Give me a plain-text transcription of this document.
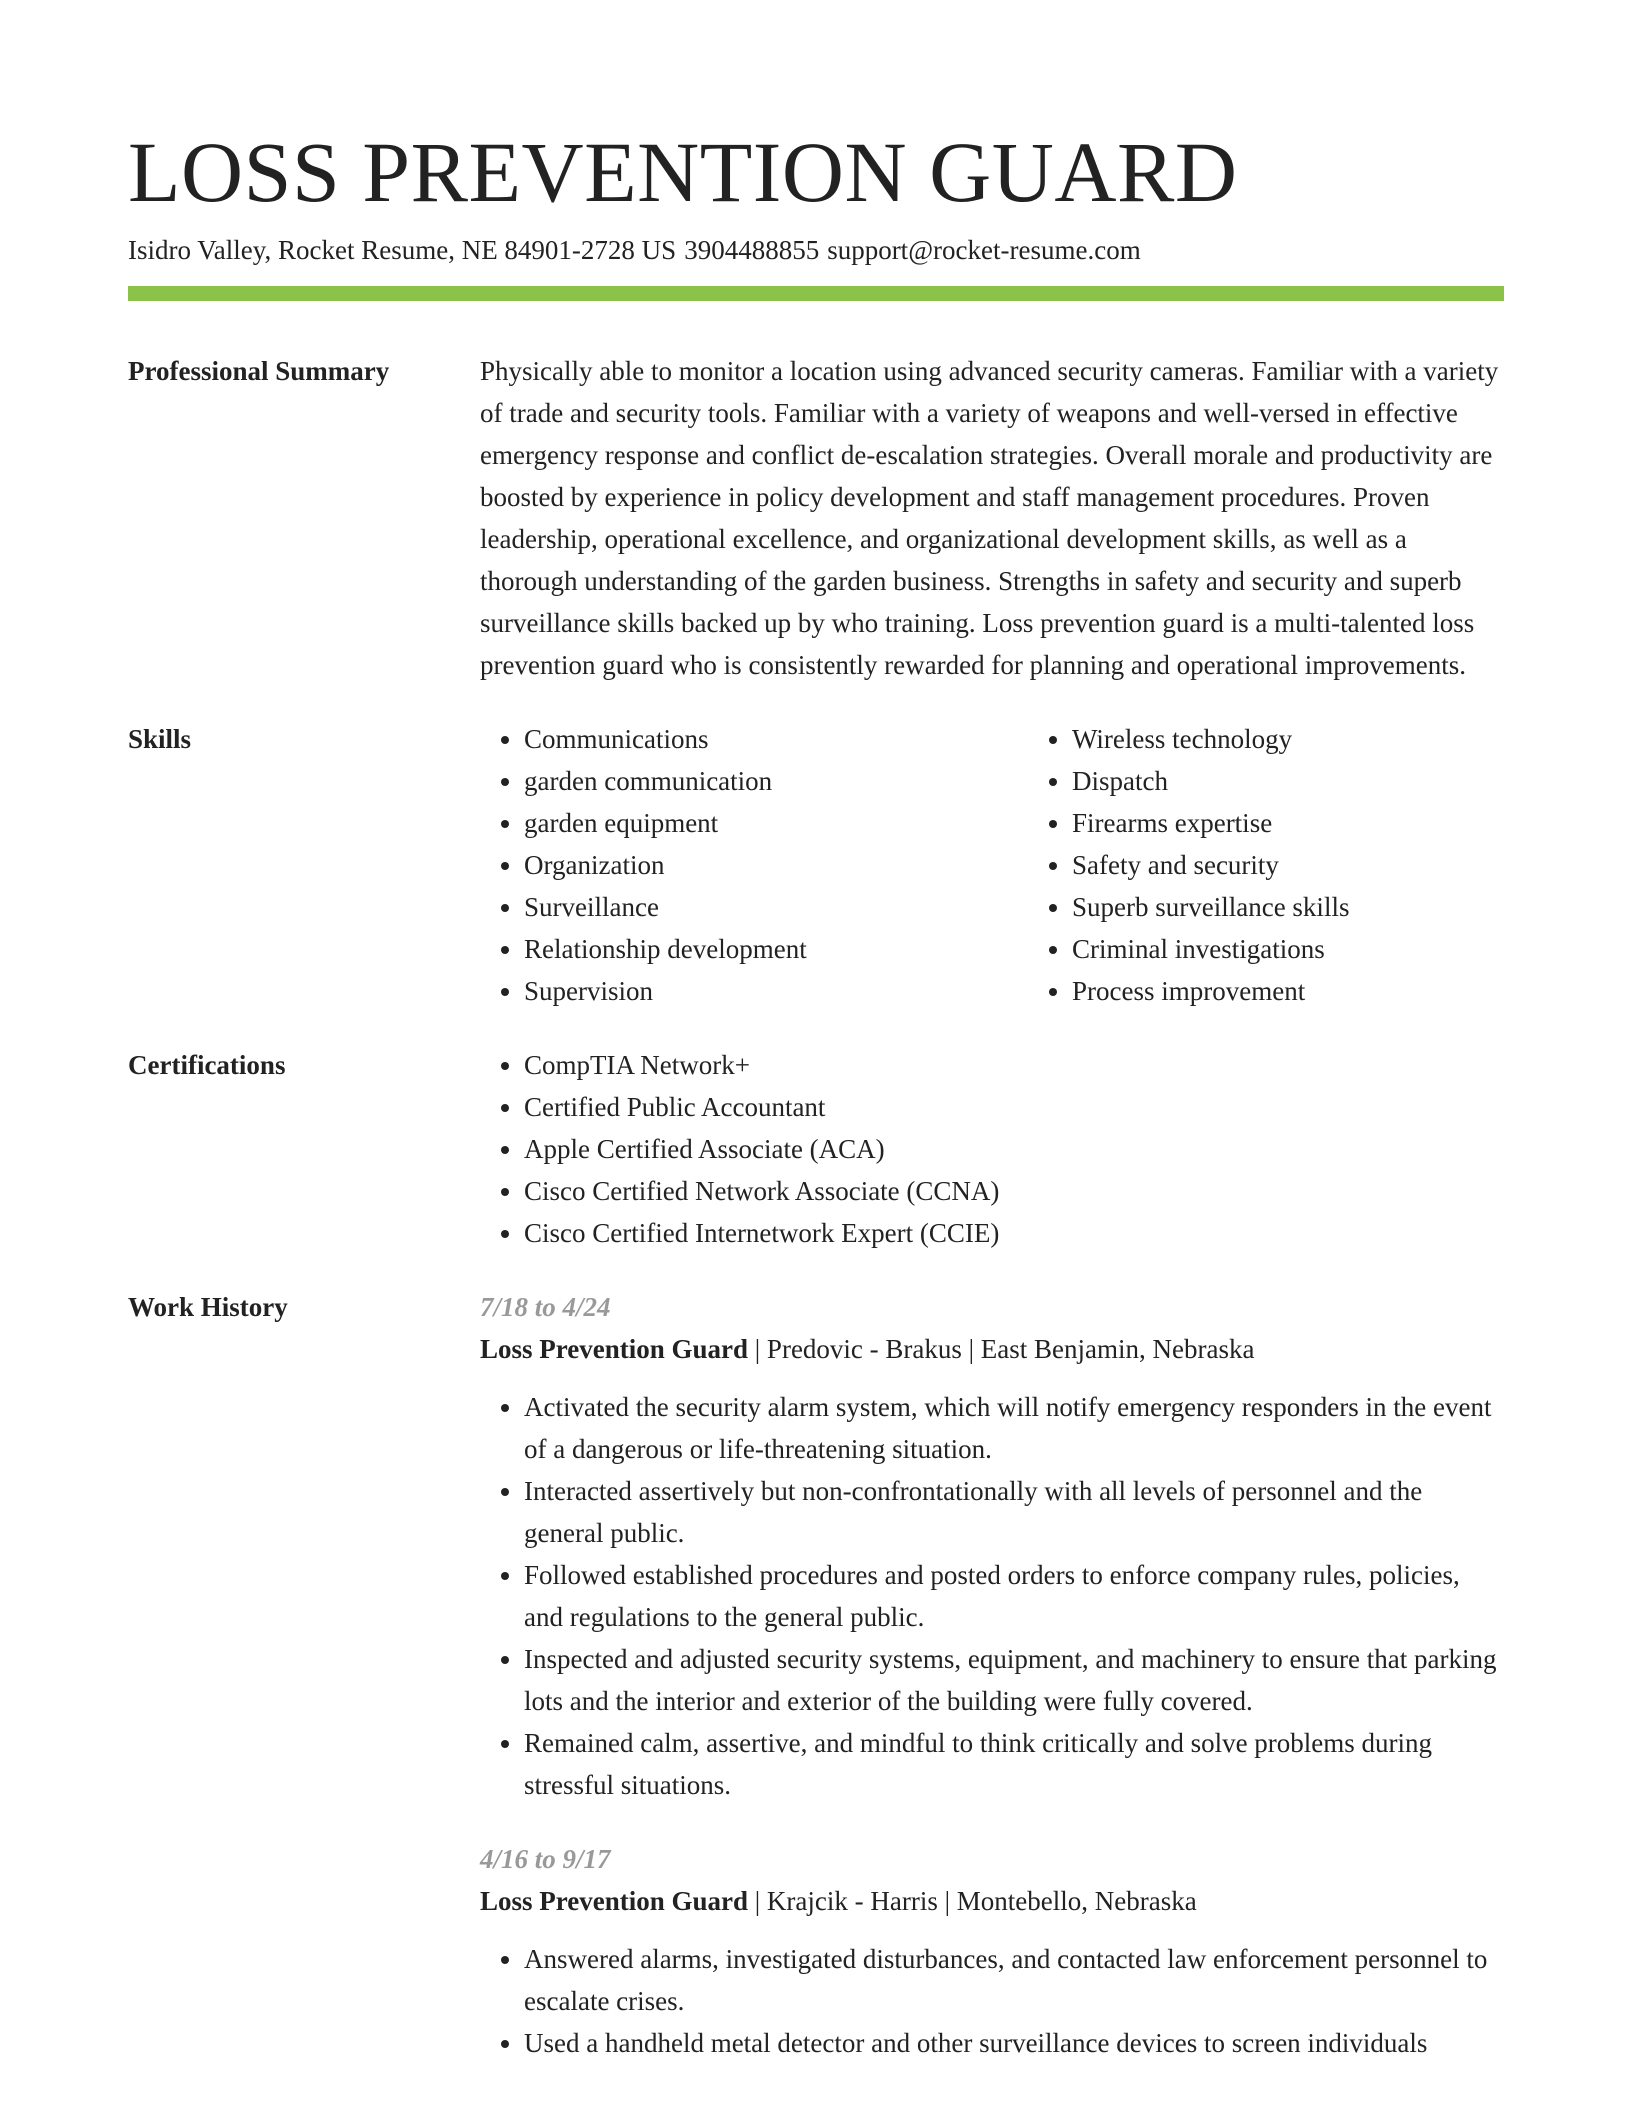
LOSS PREVENTION GUARD
Isidro Valley, Rocket Resume, NE 84901-2728 US 3904488855 support@rocket-resume.com
Professional Summary	Physically able to monitor a location using advanced security cameras. Familiar with a variety of trade and security tools. Familiar with a variety of weapons and well-versed in effective emergency response and conflict de-escalation strategies. Overall morale and productivity are boosted by experience in policy development and staff management procedures. Proven leadership, operational excellence, and organizational development skills, as well as a thorough understanding of the garden business. Strengths in safety and security and superb surveillance skills backed up by who training. Loss prevention guard is a multi-talented loss prevention guard who is consistently rewarded for planning and operational improvements.

Skills	• Communications
• garden communication
• garden equipment
• Organization
• Surveillance
• Relationship development
• Supervision
• Wireless technology
• Dispatch
• Firearms expertise
• Safety and security
• Superb surveillance skills
• Criminal investigations
• Process improvement
Certifications	• CompTIA Network+
• Certified Public Accountant
• Apple Certified Associate (ACA)
• Cisco Certified Network Associate (CCNA)
• Cisco Certified Internetwork Expert (CCIE)
Work History	7/18 to 4/24
Loss Prevention Guard | Predovic - Brakus | East Benjamin, Nebraska
• Activated the security alarm system, which will notify emergency responders in the event of a dangerous or life-threatening situation.
• Interacted assertively but non-confrontationally with all levels of personnel and the general public.
• Followed established procedures and posted orders to enforce company rules, policies, and regulations to the general public.
• Inspected and adjusted security systems, equipment, and machinery to ensure that parking lots and the interior and exterior of the building were fully covered.
• Remained calm, assertive, and mindful to think critically and solve problems during stressful situations.
4/16 to 9/17
Loss Prevention Guard | Krajcik - Harris | Montebello, Nebraska
• Answered alarms, investigated disturbances, and contacted law enforcement personnel to escalate crises.
• Used a handheld metal detector and other surveillance devices to screen individuals
